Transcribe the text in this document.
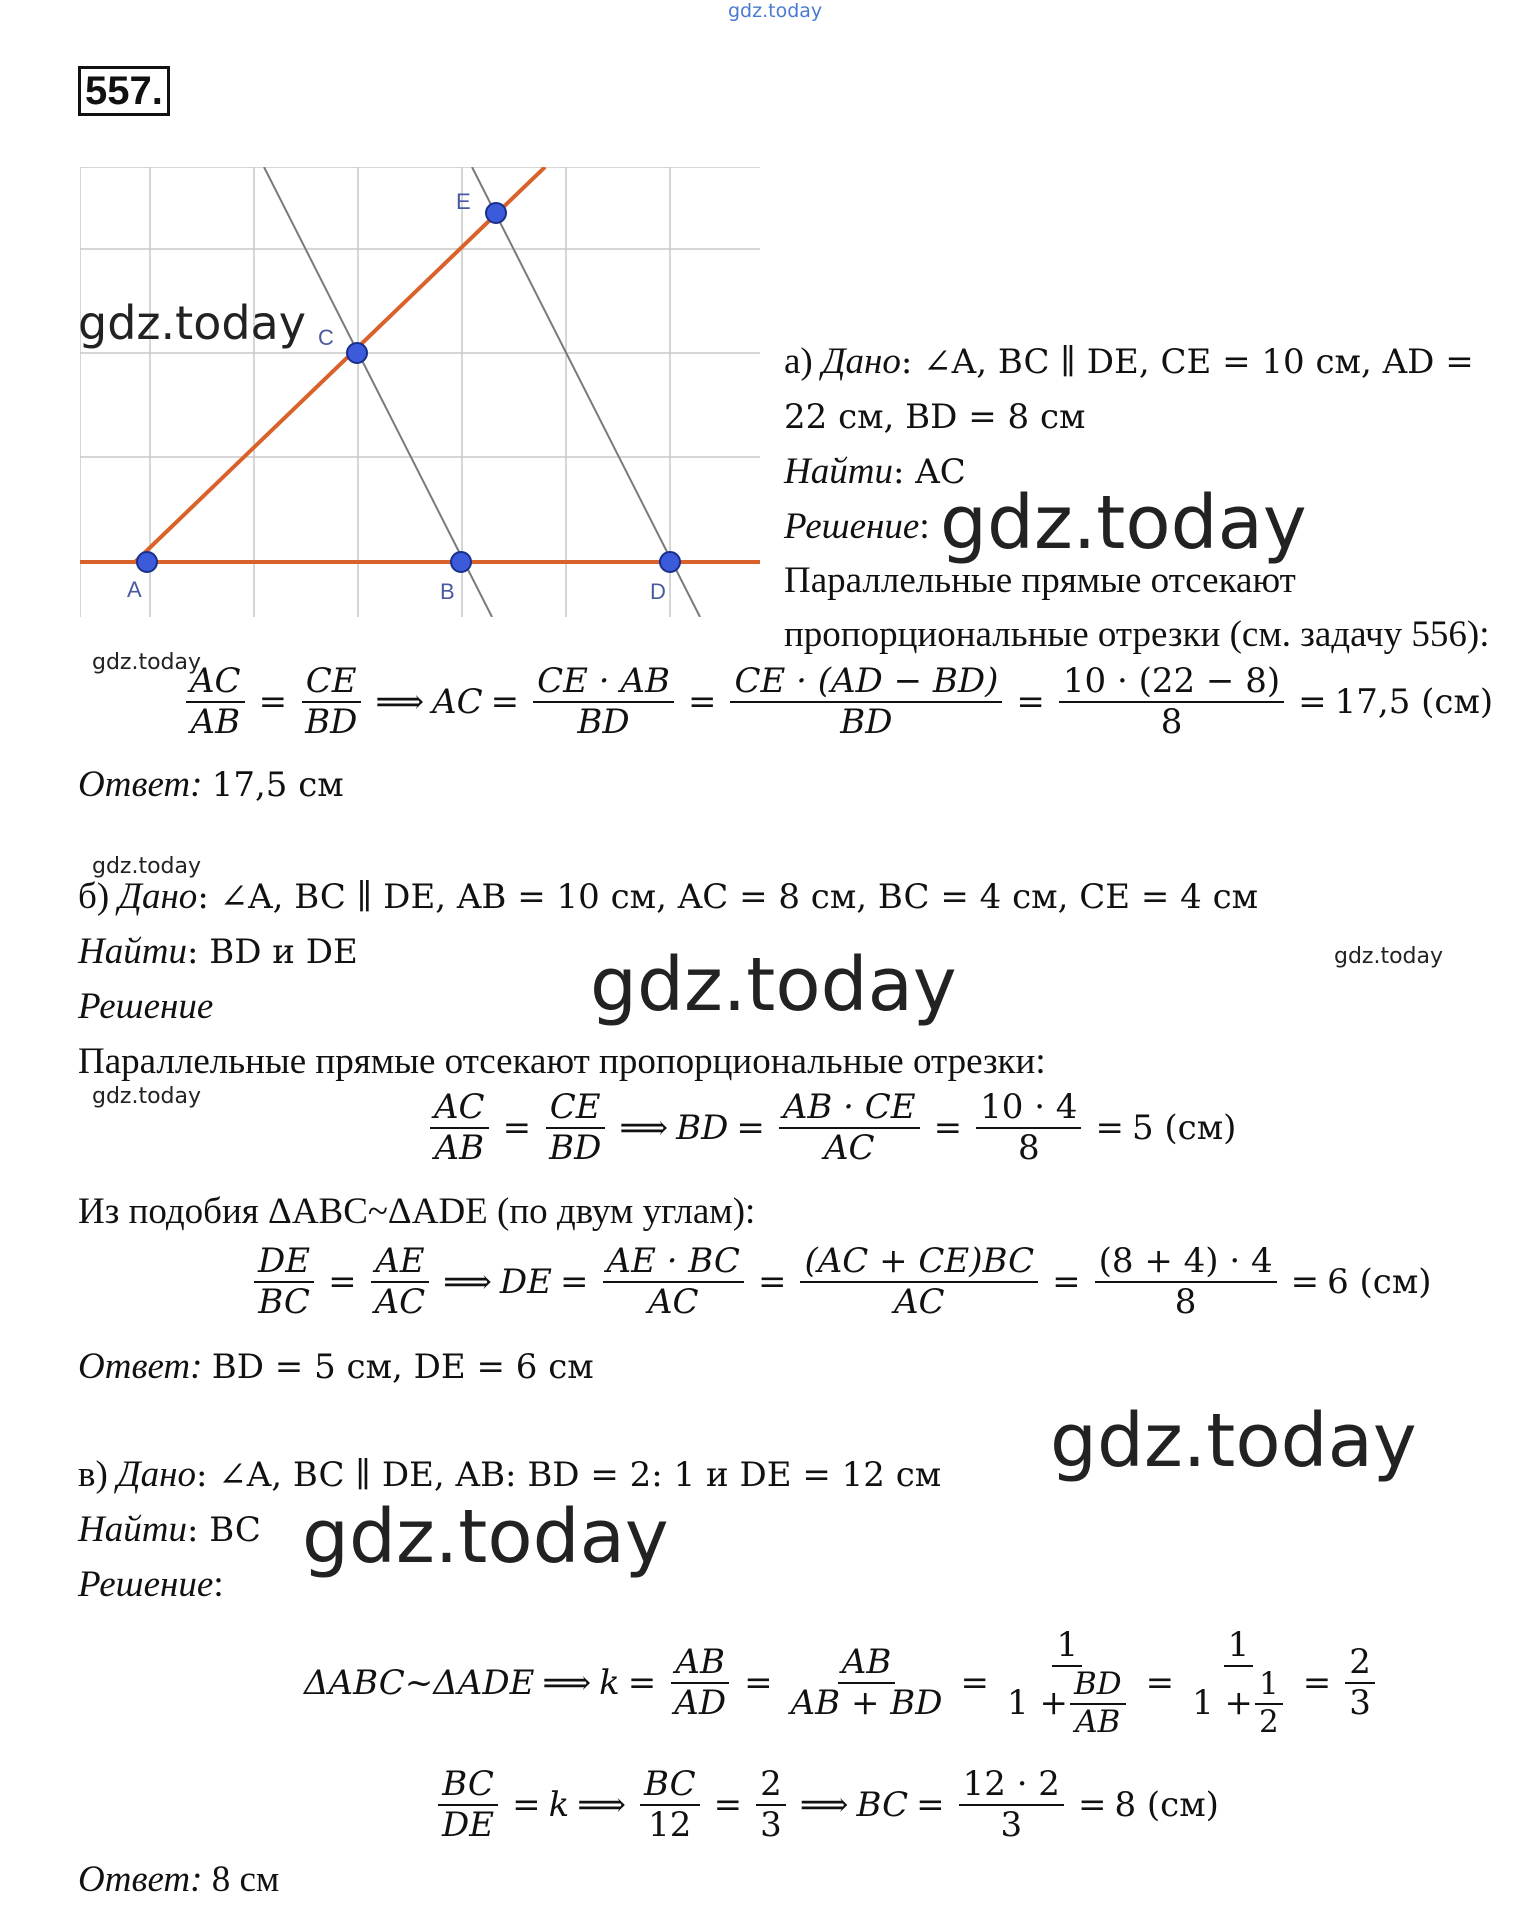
gdz.today
557.
A	B	D
C
E
gdz.today
а) Дано: ∠A, BC ∥ DE, CE = 10 см, AD =
22 см, BD = 8 см
Найти: AC
Решение: gdz.today
Параллельные прямые отсекают
пропорциональные отрезки (см. задачу 556):
gdz.today
$\frac{AC}{AB} = \frac{CE}{BD}$ ⟹ AC = $\frac{CE \cdot AB}{BD} = \frac{CE \cdot (AD - BD)}{BD} = \frac{10 \cdot (22 - 8)}{8} = 17,5$ (см)
Ответ: 17,5 см
gdz.today
б) Дано: ∠A, BC ∥ DE, AB = 10 см, AC = 8 см, BC = 4 см, CE = 4 см
Найти: BD и DE	gdz.today
Решение	gdz.today
Параллельные прямые отсекают пропорциональные отрезки:
gdz.today	$\frac{AC}{AB} = \frac{CE}{BD}$ ⟹ BD = $\frac{AB \cdot CE}{AC} = \frac{10 \cdot 4}{8} = 5$ (см)
Из подобия ΔABC~ΔADE (по двум углам):
$\frac{DE}{BC} = \frac{AE}{AC}$ ⟹ DE = $\frac{AE \cdot BC}{AC} = \frac{(AC + CE)BC}{AC} = \frac{(8 + 4) \cdot 4}{8} = 6$ (см)
Ответ: BD = 5 см, DE = 6 см
gdz.today
в) Дано: ∠A, BC ∥ DE, AB: BD = 2: 1 и DE = 12 см
Найти: BC gdz.today
Решение:
ΔABC~ΔADE ⟹ $k = \frac{AB}{AD} = \frac{AB}{AB + BD} = \frac{1}{1 + \frac{BD}{AB}} = \frac{1}{1 + \frac{1}{2}} = \frac{2}{3}$
$\frac{BC}{DE} = k$ ⟹ $\frac{BC}{12} = \frac{2}{3}$ ⟹ BC = $\frac{12 \cdot 2}{3} = 8$ (см)
Ответ: 8 см
